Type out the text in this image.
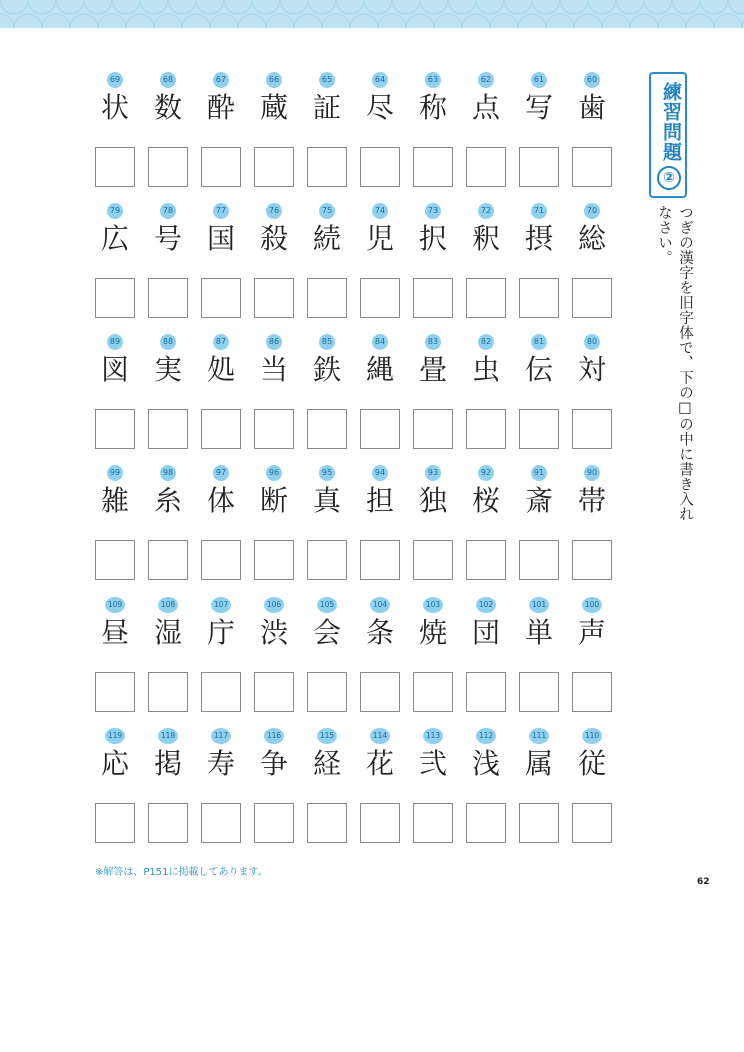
69
状
68
数
67
酔
66
蔵
65
証
64
尽
63
称
62
点
61
写
60
歯
79
広
78
号
77
国
76
殺
75
続
74
児
73
択
72
釈
71
摂
70
総
89
図
88
実
87
処
86
当
85
鉄
84
縄
83
畳
82
虫
81
伝
80
対
99
雑
98
糸
97
体
96
断
95
真
94
担
93
独
92
桜
91
斎
90
帯
109
昼
108
湿
107
庁
106
渋
105
会
104
条
103
焼
102
団
101
単
100
声
119
応
118
掲
117
寿
116
争
115
経
114
花
113
弐
112
浅
111
属
110
従
練習問題
②
つぎの漢字を旧字体で、下の□の中に書き入れなさい。
※解答は、P151に掲載してあります。
62
